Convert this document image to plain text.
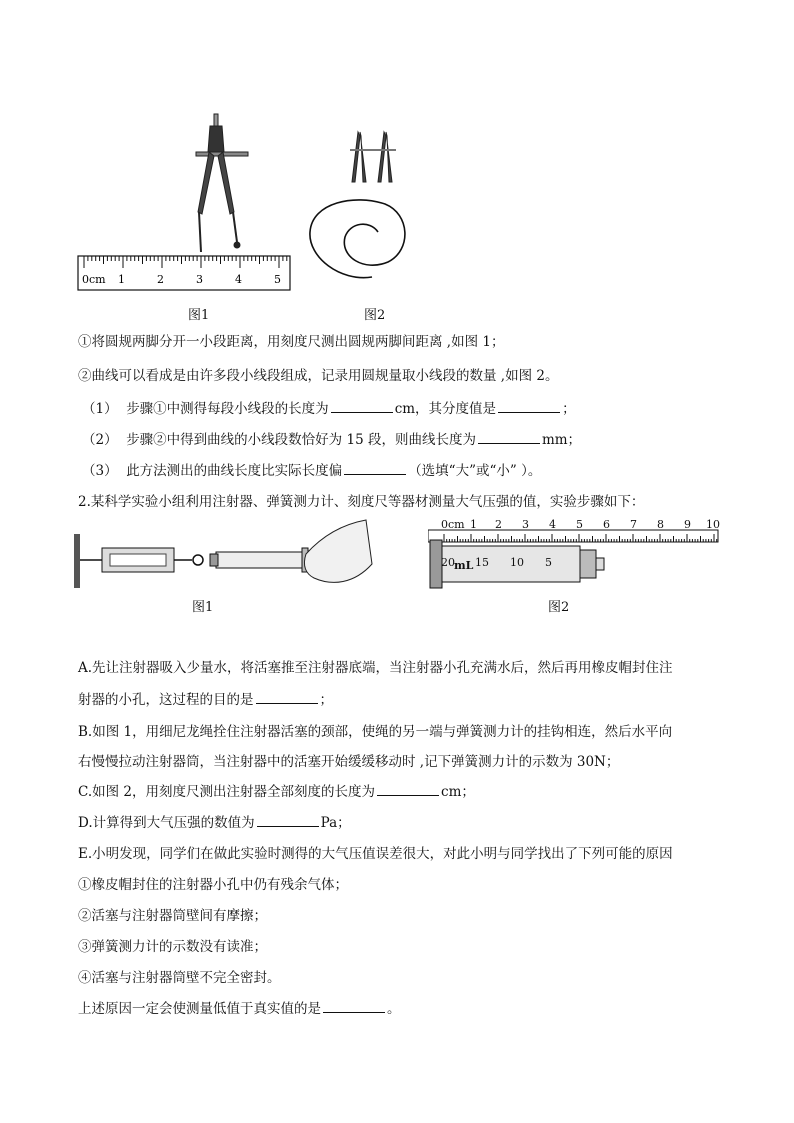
0cm 1	2	3	4	5
图1	图2
①将圆规两脚分开一小段距离，用刻度尺测出圆规两脚间距离 ,如图 1；
②曲线可以看成是由许多段小线段组成，记录用圆规量取小线段的数量 ,如图 2。
（1） 步骤①中测得每段小线段的长度为	cm，其分度值是	；
（2） 步骤②中得到曲线的小线段数恰好为 15 段，则曲线长度为	mm；
（3） 此方法测出的曲线长度比实际长度偏	（选填“大”或“小” ）。
2.某科学实验小组利用注射器、弹簧测力计、刻度尺等器材测量大气压强的值，实验步骤如下：
图1
0 cm 1 2 3 4 5 6 7 8 9 10
20 mL 15 10 5
图2
A.先让注射器吸入少量水，将活塞推至注射器底端，当注射器小孔充满水后，然后再用橡皮帽封住注
射器的小孔，这过程的目的是	；
B.如图 1，用细尼龙绳拴住注射器活塞的颈部，使绳的另一端与弹簧测力计的挂钩相连，然后水平向
右慢慢拉动注射器筒，当注射器中的活塞开始缓缓移动时 ,记下弹簧测力计的示数为 30N；
C.如图 2，用刻度尺测出注射器全部刻度的长度为	cm；
D.计算得到大气压强的数值为	Pa；
E.小明发现，同学们在做此实验时测得的大气压值误差很大，对此小明与同学找出了下列可能的原因
①橡皮帽封住的注射器小孔中仍有残余气体；
②活塞与注射器筒壁间有摩擦；
③弹簧测力计的示数没有读准；
④活塞与注射器筒壁不完全密封。
上述原因一定会使测量低值于真实值的是	。
